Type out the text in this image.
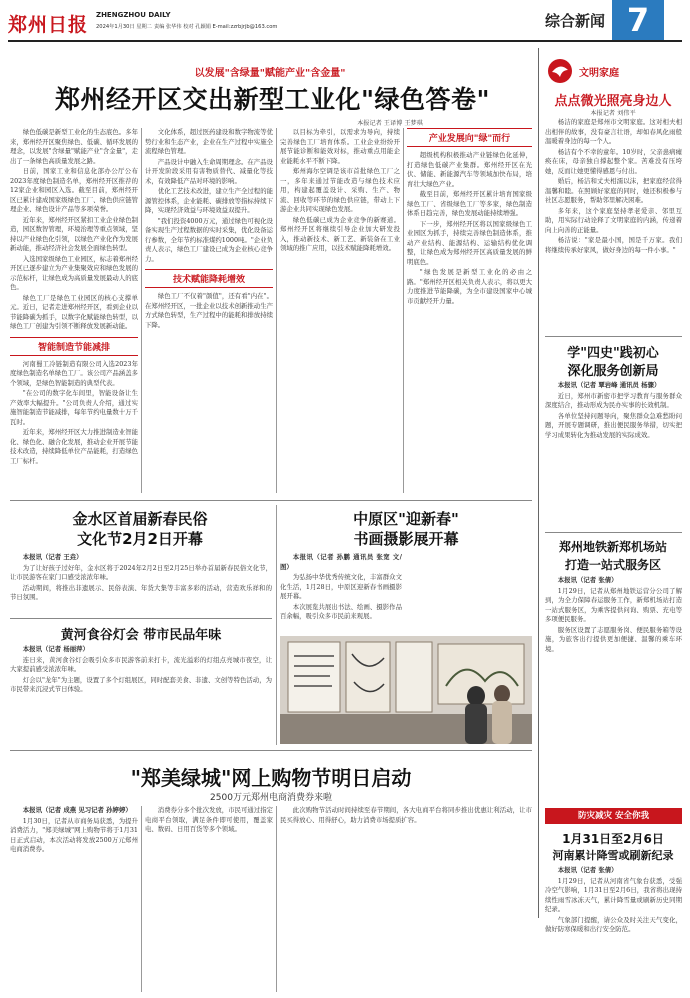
郑州日报 ZHENGZHOU DAILY
2024年1月30日 星期二 责编 张华伟 校对 孔颖娟 E-mail:zzrbjrjb@163.com	综合新闻 7
以发展"含绿量"赋能产业"含金量"
郑州经开区交出新型工业化"绿色答卷"
本报记者 王译博 王梦琪

绿色低碳是新型工业化的生态底色。多年来，郑州经开区聚焦绿色、低碳、循环发展的理念，以发展"含绿量"赋能产业"含金量"，走出了一条绿色高质量发展之路。

日前，国家工业和信息化部办公厅公布2023年度绿色制造名单，郑州经开区推荐的12家企业和园区入选。截至目前，郑州经开区已累计建成国家级绿色工厂、绿色供应链管理企业、绿色设计产品等多项荣誉。

近年来，郑州经开区紧扣工业企业绿色制造，园区数智管理，环境治理等重点领域，坚持以产业绿色化引领，以绿色产业化作为发展新动能，推动经济社会发展全面绿色转型。

入选国家级绿色工业园区，标志着郑州经开区已逐步建立为产业集聚效应和绿色发展的示范标杆，让绿色成为高质量发展最动人的底色。

绿色工厂是绿色工业园区的核心支撑单元。近日，记者走进郑州经开区，看到企业以节能降碳为抓手，以数字化赋能绿色转型，以绿色工厂创建为引领不断释放发展新动能。

智能制造节能减排

河南蜀工冷链制造有限公司入选2023年度绿色制造名单绿色工厂。该公司产品涵盖多个领域，是绿色智能制造的典型代表。

"在公司的数字化车间里，智能设备让生产效率大幅提升。"公司负责人介绍，通过实施智能制造节能减排，每年节约电量数十万千瓦时。

近年来，郑州经开区大力推进制造业智能化、绿色化、融合化发展，推动企业开展节能技术改造，持续降低单位产品能耗，打造绿色工厂标杆。

文化体系，超过医药建设和数字物流等优势行业和生态产业，企业在生产过程中实施全流程绿色管理。

产品设计中融入生命周期理念。在产品设计开发阶段采用有害物质替代、减量化等技术，有效降低产品对环境的影响。

优化工艺技术改进，建立生产全过程的能源管控体系，企业能耗、碳排放等指标持续下降，实现经济效益与环境效益双提升。

"我们投资4000万元，通过绿色可视化设备实现生产过程数据的实时采集，优化设备运行参数，全年节约标准煤约1000吨。"企业负责人表示，绿色工厂建设已成为企业核心竞争力。

技术赋能降耗增效

绿色工厂不仅着"颜值"，还有看"内在"。在郑州经开区，一批企业以技术创新推动生产方式绿色转型，生产过程中的能耗和排放持续下降。

以目标为牵引，以需求为导向，持续完善绿色工厂培育体系。工业企业纷纷开展节能诊断和能效对标，推动重点用能企业能耗水平不断下降。

郑州海尔空调是该市首批绿色工厂之一，多年来通过节能改造与绿色技术应用，构建起覆盖设计、采购、生产、物流、回收等环节的绿色供应链，带动上下游企业共同实现绿色发展。

绿色低碳已成为企业竞争的新赛道。郑州经开区将继续引导企业加大研发投入，推动新技术、新工艺、新装备在工业领域的推广应用，以技术赋能降耗增效。

产业发展向"绿"而行

超级机构积极推动产业链绿色化延伸，打造绿色低碳产业集群。郑州经开区在光伏、储能、新能源汽车等领域加快布局，培育壮大绿色产业。

截至目前，郑州经开区累计培育国家级绿色工厂、省级绿色工厂等多家，绿色制造体系日趋完善，绿色发展动能持续增强。

下一步，郑州经开区将以国家级绿色工业园区为抓手，持续完善绿色制造体系，推动产业结构、能源结构、运输结构优化调整，让绿色成为郑州经开区高质量发展的鲜明底色。

"绿色发展是新型工业化的必由之路。"郑州经开区相关负责人表示，将以更大力度推进节能降碳，为全市建设国家中心城市贡献经开力量。

文明家庭
点点微光照亮身边人
本报记者 刘伟平

杨洁的家庭是郑州市文明家庭。这对相夫相出相伴的故事，没有豪言壮语，却如春风化雨般温暖着身边的每一个人。

杨洁有个不幸的童年。10岁时，父亲患病瘫痪在床，母亲独自撑起整个家。苦难没有压垮她，反而让她更懂得感恩与付出。

婚后，杨洁和丈夫相濡以沫，把家庭经营得温馨和睦。在照顾好家庭的同时，她还积极参与社区志愿服务，帮助邻里解决困难。

多年来，这个家庭坚持孝老爱亲、邻里互助，用实际行动诠释了文明家庭的内涵，传递着向上向善的正能量。

杨洁说："家是最小国，国是千万家。我们将继续传承好家风，做好身边的每一件小事。"

学"四史"践初心
深化服务创新局

本报讯（记者 覃岩峰 通讯员 杨骤）

近日，郑州市新密市把学习教育与服务群众深度结合，推动形成为民办实事的长效机制。

各单位坚持问题导向，聚焦群众急难愁盼问题，开展专题调研，推出便民服务举措，切实把学习成果转化为推动发展的实际成效。

郑州地铁新郑机场站
打造一站式服务区

本报讯（记者 张倩）

1月29日，记者从郑州地铁运营分公司了解到，为全力保障春运服务工作，新郑机场站打造一站式服务区，为乘客提供问询、购票、充电等多项便民服务。

服务区设置了志愿服务岗、便民服务箱等设施，为旅客出行提供更加便捷、温馨的乘车环境。

防灾减灾 安全你我
1月31日至2月6日
河南累计降雪或刷新纪录

本报讯（记者 张倩）

1月29日，记者从河南省气象台获悉，受强冷空气影响，1月31日至2月6日，我省将出现持续性雨雪冰冻天气，累计降雪量或刷新历史同期纪录。

气象部门提醒，请公众及时关注天气变化，做好防寒保暖和出行安全防范。

金水区首届新春民俗
文化节2月2日开幕

本报讯（记者 王垚）

为了让好孩子过好年，金水区将于2024年2月2日至2月25日举办首届新春民俗文化节，让市民游客在家门口感受浓浓年味。

活动期间，将推出非遗展示、民俗表演、年货大集等丰富多彩的活动，营造欢乐祥和的节日氛围。

黄河食谷灯会 带市民品年味

本报讯（记者 杨丽萍）

连日来，黄河食谷灯会吸引众多市民游客前来打卡，流光溢彩的灯组点亮城市夜空，让大家提前感受浓浓年味。

灯会以"龙年"为主题，设置了多个灯组展区，同时配套美食、非遗、文创等特色活动，为市民带来沉浸式节日体验。

中原区"迎新春"
书画摄影展开幕

本报讯（记者 孙鹏 通讯员 张宽 文/图）

为弘扬中华优秀传统文化，丰富群众文化生活，1月28日，中原区迎新春书画摄影展开幕。

本次展览共展出书法、绘画、摄影作品百余幅，吸引众多市民前来观展。

"郑美绿城"网上购物节明日启动
2500万元郑州电商消费券来啦

本报讯（记者 成燕 见习记者 孙婷婷）

1月30日，记者从市商务局获悉，为提升消费活力，"郑美绿城"网上购物节将于1月31日正式启动，本次活动将发放2500万元郑州电商消费券。

消费券分多个批次发放，市民可通过指定电商平台领取，满足条件即可使用，覆盖家电、数码、日用百货等多个领域。

此次购物节活动时间持续至春节期间，各大电商平台将同步推出优惠让利活动，让市民买得放心、用得舒心，助力消费市场提质扩容。
